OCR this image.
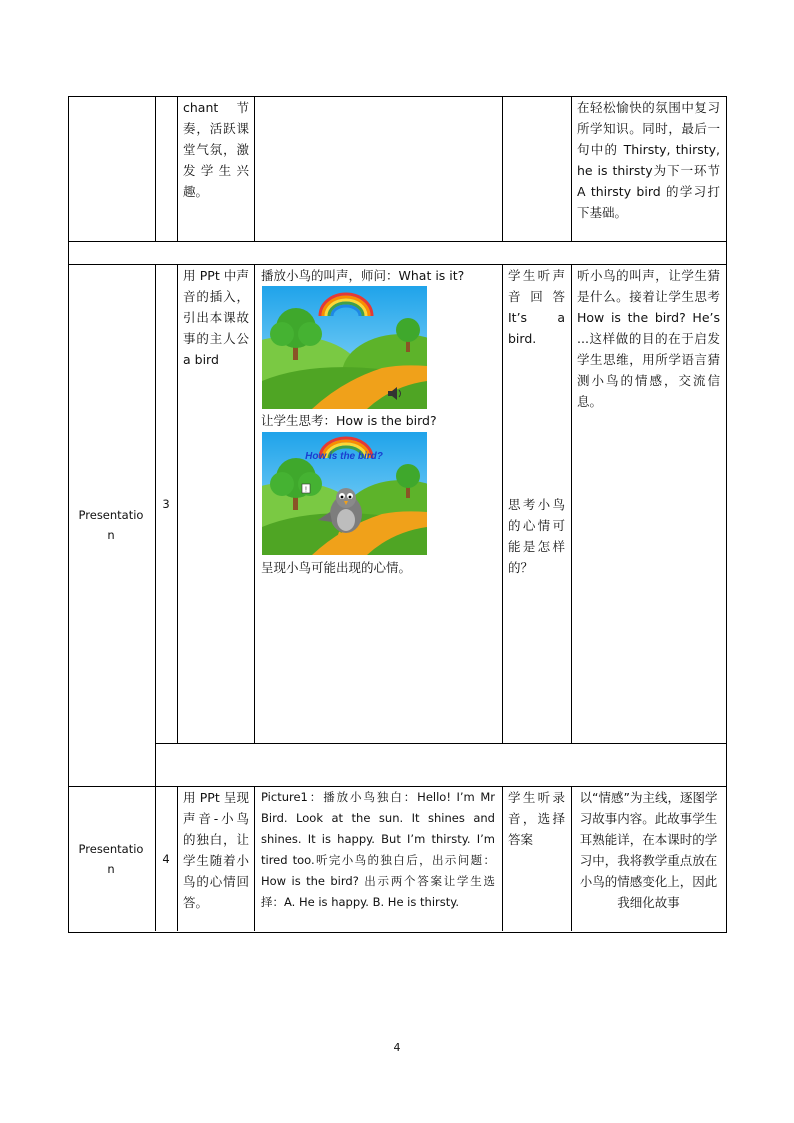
chant 节奏，活跃课堂气氛，激发学生兴趣。
在轻松愉快的氛围中复习所学知识。同时，最后一句中的 Thirsty, thirsty, he is thirsty为下一环节 A thirsty bird 的学习打下基础。
Presentation
3
用 PPt 中声音的插入，引出本课故事的主人公 a bird
播放小鸟的叫声，师问：What is it?
让学生思考：How is the bird?
!
How is the bird?
呈现小鸟可能出现的心情。
学生听声音回答 It’s a bird.
思考小鸟的心情可能是怎样的？
听小鸟的叫声，让学生猜是什么。接着让学生思考 How is the bird? He’s ...这样做的目的在于启发学生思维，用所学语言猜测小鸟的情感，交流信息。
Presentation
4
用 PPt 呈现声音-小鸟的独白，让学生随着小鸟的心情回答。
Picture1：播放小鸟独白：Hello! I’m Mr Bird. Look at the sun. It shines and shines. It is happy. But I’m thirsty. I’m tired too.听完小鸟的独白后，出示问题：How is the bird? 出示两个答案让学生选择：A. He is happy. B. He is thirsty.
学生听录音，选择答案
以“情感”为主线，逐图学习故事内容。此故事学生耳熟能详，在本课时的学习中，我将教学重点放在小鸟的情感变化上，因此我细化故事
4
